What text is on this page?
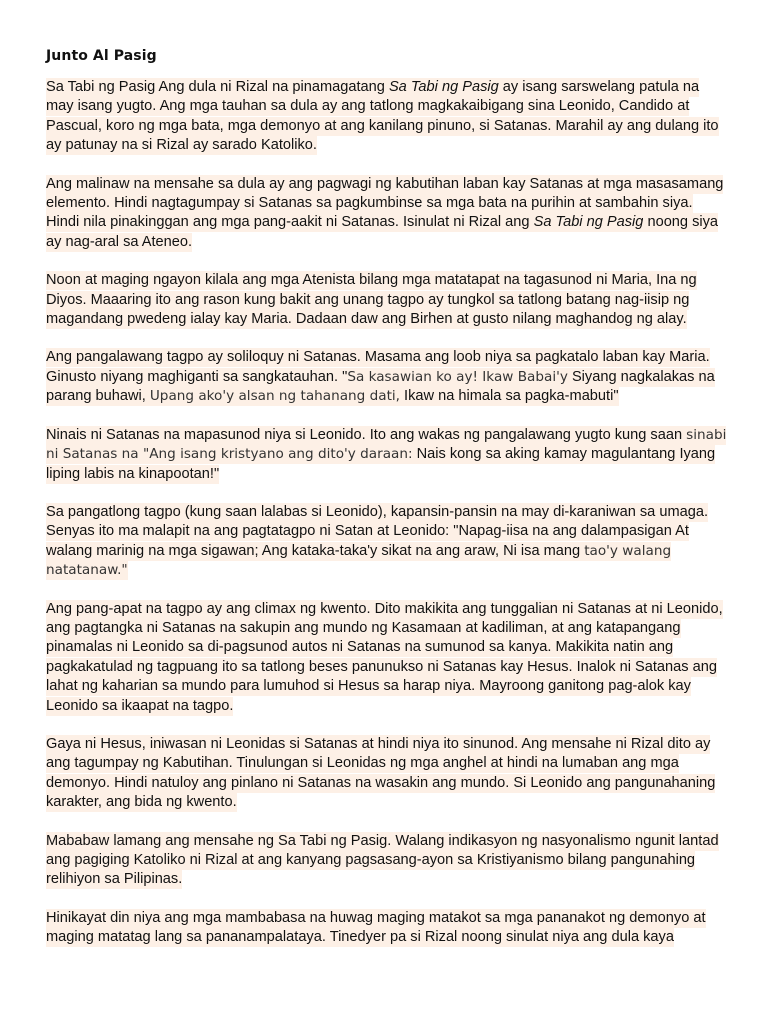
Junto Al Pasig

Sa Tabi ng Pasig Ang dula ni Rizal na pinamagatang Sa Tabi ng Pasig ay isang sarswelang patula na may isang yugto. Ang mga tauhan sa dula ay ang tatlong magkakaibigang sina Leonido, Candido at Pascual, koro ng mga bata, mga demonyo at ang kanilang pinuno, si Satanas. Marahil ay ang dulang ito ay patunay na si Rizal ay sarado Katoliko.

Ang malinaw na mensahe sa dula ay ang pagwagi ng kabutihan laban kay Satanas at mga masasamang elemento. Hindi nagtagumpay si Satanas sa pagkumbinse sa mga bata na purihin at sambahin siya. Hindi nila pinakinggan ang mga pang-aakit ni Satanas. Isinulat ni Rizal ang Sa Tabi ng Pasig noong siya ay nag-aral sa Ateneo.

Noon at maging ngayon kilala ang mga Atenista bilang mga matatapat na tagasunod ni Maria, Ina ng Diyos. Maaaring ito ang rason kung bakit ang unang tagpo ay tungkol sa tatlong batang nag-iisip ng magandang pwedeng ialay kay Maria. Dadaan daw ang Birhen at gusto nilang maghandog ng alay.

Ang pangalawang tagpo ay soliloquy ni Satanas. Masama ang loob niya sa pagkatalo laban kay Maria. Ginusto niyang maghiganti sa sangkatauhan. "Sa kasawian ko ay! Ikaw Babai'y Siyang nagkalakas na parang buhawi, Upang ako'y alsan ng tahanang dati, Ikaw na himala sa pagka-mabuti"

Ninais ni Satanas na mapasunod niya si Leonido. Ito ang wakas ng pangalawang yugto kung saan sinabi ni Satanas na "Ang isang kristyano ang dito'y daraan: Nais kong sa aking kamay magulantang Iyang liping labis na kinapootan!"

Sa pangatlong tagpo (kung saan lalabas si Leonido), kapansin-pansin na may di-karaniwan sa umaga. Senyas ito ma malapit na ang pagtatagpo ni Satan at Leonido: "Napag-iisa na ang dalampasigan At walang marinig na mga sigawan; Ang kataka-taka'y sikat na ang araw, Ni isa mang tao'y walang natatanaw."

Ang pang-apat na tagpo ay ang climax ng kwento. Dito makikita ang tunggalian ni Satanas at ni Leonido, ang pagtangka ni Satanas na sakupin ang mundo ng Kasamaan at kadiliman, at ang katapangang pinamalas ni Leonido sa di-pagsunod autos ni Satanas na sumunod sa kanya. Makikita natin ang pagkakatulad ng tagpuang ito sa tatlong beses panunukso ni Satanas kay Hesus. Inalok ni Satanas ang lahat ng kaharian sa mundo para lumuhod si Hesus sa harap niya. Mayroong ganitong pag-alok kay Leonido sa ikaapat na tagpo.

Gaya ni Hesus, iniwasan ni Leonidas si Satanas at hindi niya ito sinunod. Ang mensahe ni Rizal dito ay ang tagumpay ng Kabutihan. Tinulungan si Leonidas ng mga anghel at hindi na lumaban ang mga demonyo. Hindi natuloy ang pinlano ni Satanas na wasakin ang mundo. Si Leonido ang pangunahaning karakter, ang bida ng kwento.

Mababaw lamang ang mensahe ng Sa Tabi ng Pasig. Walang indikasyon ng nasyonalismo ngunit lantad ang pagiging Katoliko ni Rizal at ang kanyang pagsasang-ayon sa Kristiyanismo bilang pangunahing relihiyon sa Pilipinas.

Hinikayat din niya ang mga mambabasa na huwag maging matakot sa mga pananakot ng demonyo at maging matatag lang sa pananampalataya. Tinedyer pa si Rizal noong sinulat niya ang dula kaya
